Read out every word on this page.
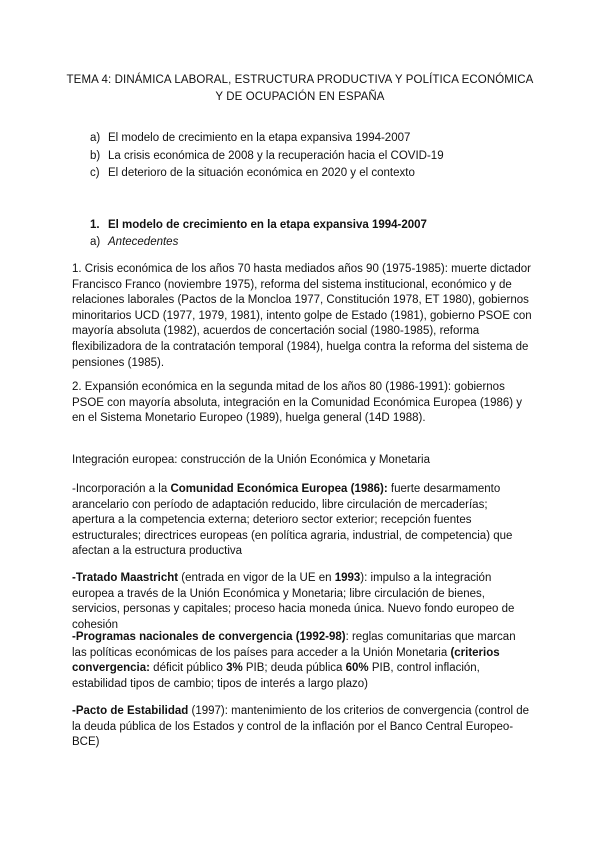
TEMA 4: DINÁMICA LABORAL, ESTRUCTURA PRODUCTIVA Y POLÍTICA ECONÓMICA
Y DE OCUPACIÓN EN ESPAÑA
a) El modelo de crecimiento en la etapa expansiva 1994-2007
b) La crisis económica de 2008 y la recuperación hacia el COVID-19
c) El deterioro de la situación económica en 2020 y el contexto
1. El modelo de crecimiento en la etapa expansiva 1994-2007
a) Antecedentes

1. Crisis económica de los años 70 hasta mediados años 90 (1975-1985): muerte dictador Francisco Franco (noviembre 1975), reforma del sistema institucional, económico y de relaciones laborales (Pactos de la Moncloa 1977, Constitución 1978, ET 1980), gobiernos minoritarios UCD (1977, 1979, 1981), intento golpe de Estado (1981), gobierno PSOE con mayoría absoluta (1982), acuerdos de concertación social (1980-1985), reforma flexibilizadora de la contratación temporal (1984), huelga contra la reforma del sistema de pensiones (1985).

2. Expansión económica en la segunda mitad de los años 80 (1986-1991): gobiernos PSOE con mayoría absoluta, integración en la Comunidad Económica Europea (1986) y en el Sistema Monetario Europeo (1989), huelga general (14D 1988).

Integración europea: construcción de la Unión Económica y Monetaria

-Incorporación a la Comunidad Económica Europea (1986): fuerte desarmamento arancelario con período de adaptación reducido, libre circulación de mercaderías; apertura a la competencia externa; deterioro sector exterior; recepción fuentes estructurales; directrices europeas (en política agraria, industrial, de competencia) que afectan a la estructura productiva

-Tratado Maastricht (entrada en vigor de la UE en 1993): impulso a la integración europea a través de la Unión Económica y Monetaria; libre circulación de bienes, servicios, personas y capitales; proceso hacia moneda única. Nuevo fondo europeo de cohesión

-Programas nacionales de convergencia (1992-98): reglas comunitarias que marcan las políticas económicas de los países para acceder a la Unión Monetaria (criterios convergencia: déficit público 3% PIB; deuda pública 60% PIB, control inflación, estabilidad tipos de cambio; tipos de interés a largo plazo)

-Pacto de Estabilidad (1997): mantenimiento de los criterios de convergencia (control de la deuda pública de los Estados y control de la inflación por el Banco Central Europeo-BCE)
